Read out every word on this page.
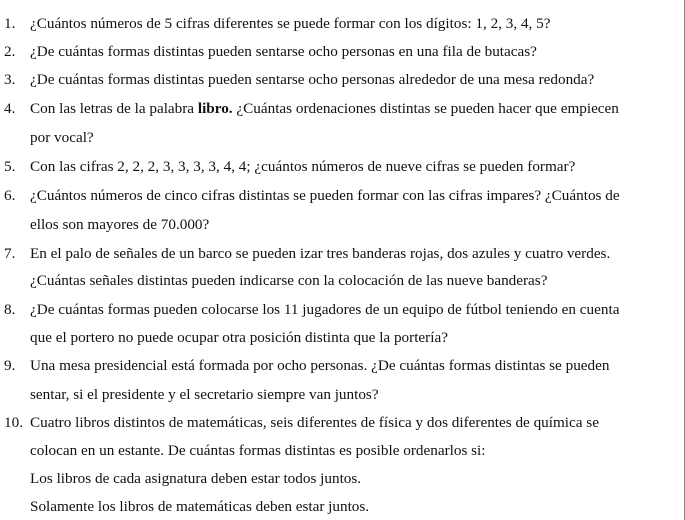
1. ¿Cuántos números de 5 cifras diferentes se puede formar con los dígitos: 1, 2, 3, 4, 5?
2. ¿De cuántas formas distintas pueden sentarse ocho personas en una fila de butacas?
3. ¿De cuántas formas distintas pueden sentarse ocho personas alrededor de una mesa redonda?
4. Con las letras de la palabra libro. ¿Cuántas ordenaciones distintas se pueden hacer que empiecen
por vocal?
5. Con las cifras 2, 2, 2, 3, 3, 3, 3, 4, 4; ¿cuántos números de nueve cifras se pueden formar?
6. ¿Cuántos números de cinco cifras distintas se pueden formar con las cifras impares? ¿Cuántos de
ellos son mayores de 70.000?
7. En el palo de señales de un barco se pueden izar tres banderas rojas, dos azules y cuatro verdes.
¿Cuántas señales distintas pueden indicarse con la colocación de las nueve banderas?
8. ¿De cuántas formas pueden colocarse los 11 jugadores de un equipo de fútbol teniendo en cuenta
que el portero no puede ocupar otra posición distinta que la portería?
9. Una mesa presidencial está formada por ocho personas. ¿De cuántas formas distintas se pueden
sentar, si el presidente y el secretario siempre van juntos?
10. Cuatro libros distintos de matemáticas, seis diferentes de física y dos diferentes de química se
colocan en un estante. De cuántas formas distintas es posible ordenarlos si:
Los libros de cada asignatura deben estar todos juntos.
Solamente los libros de matemáticas deben estar juntos.
